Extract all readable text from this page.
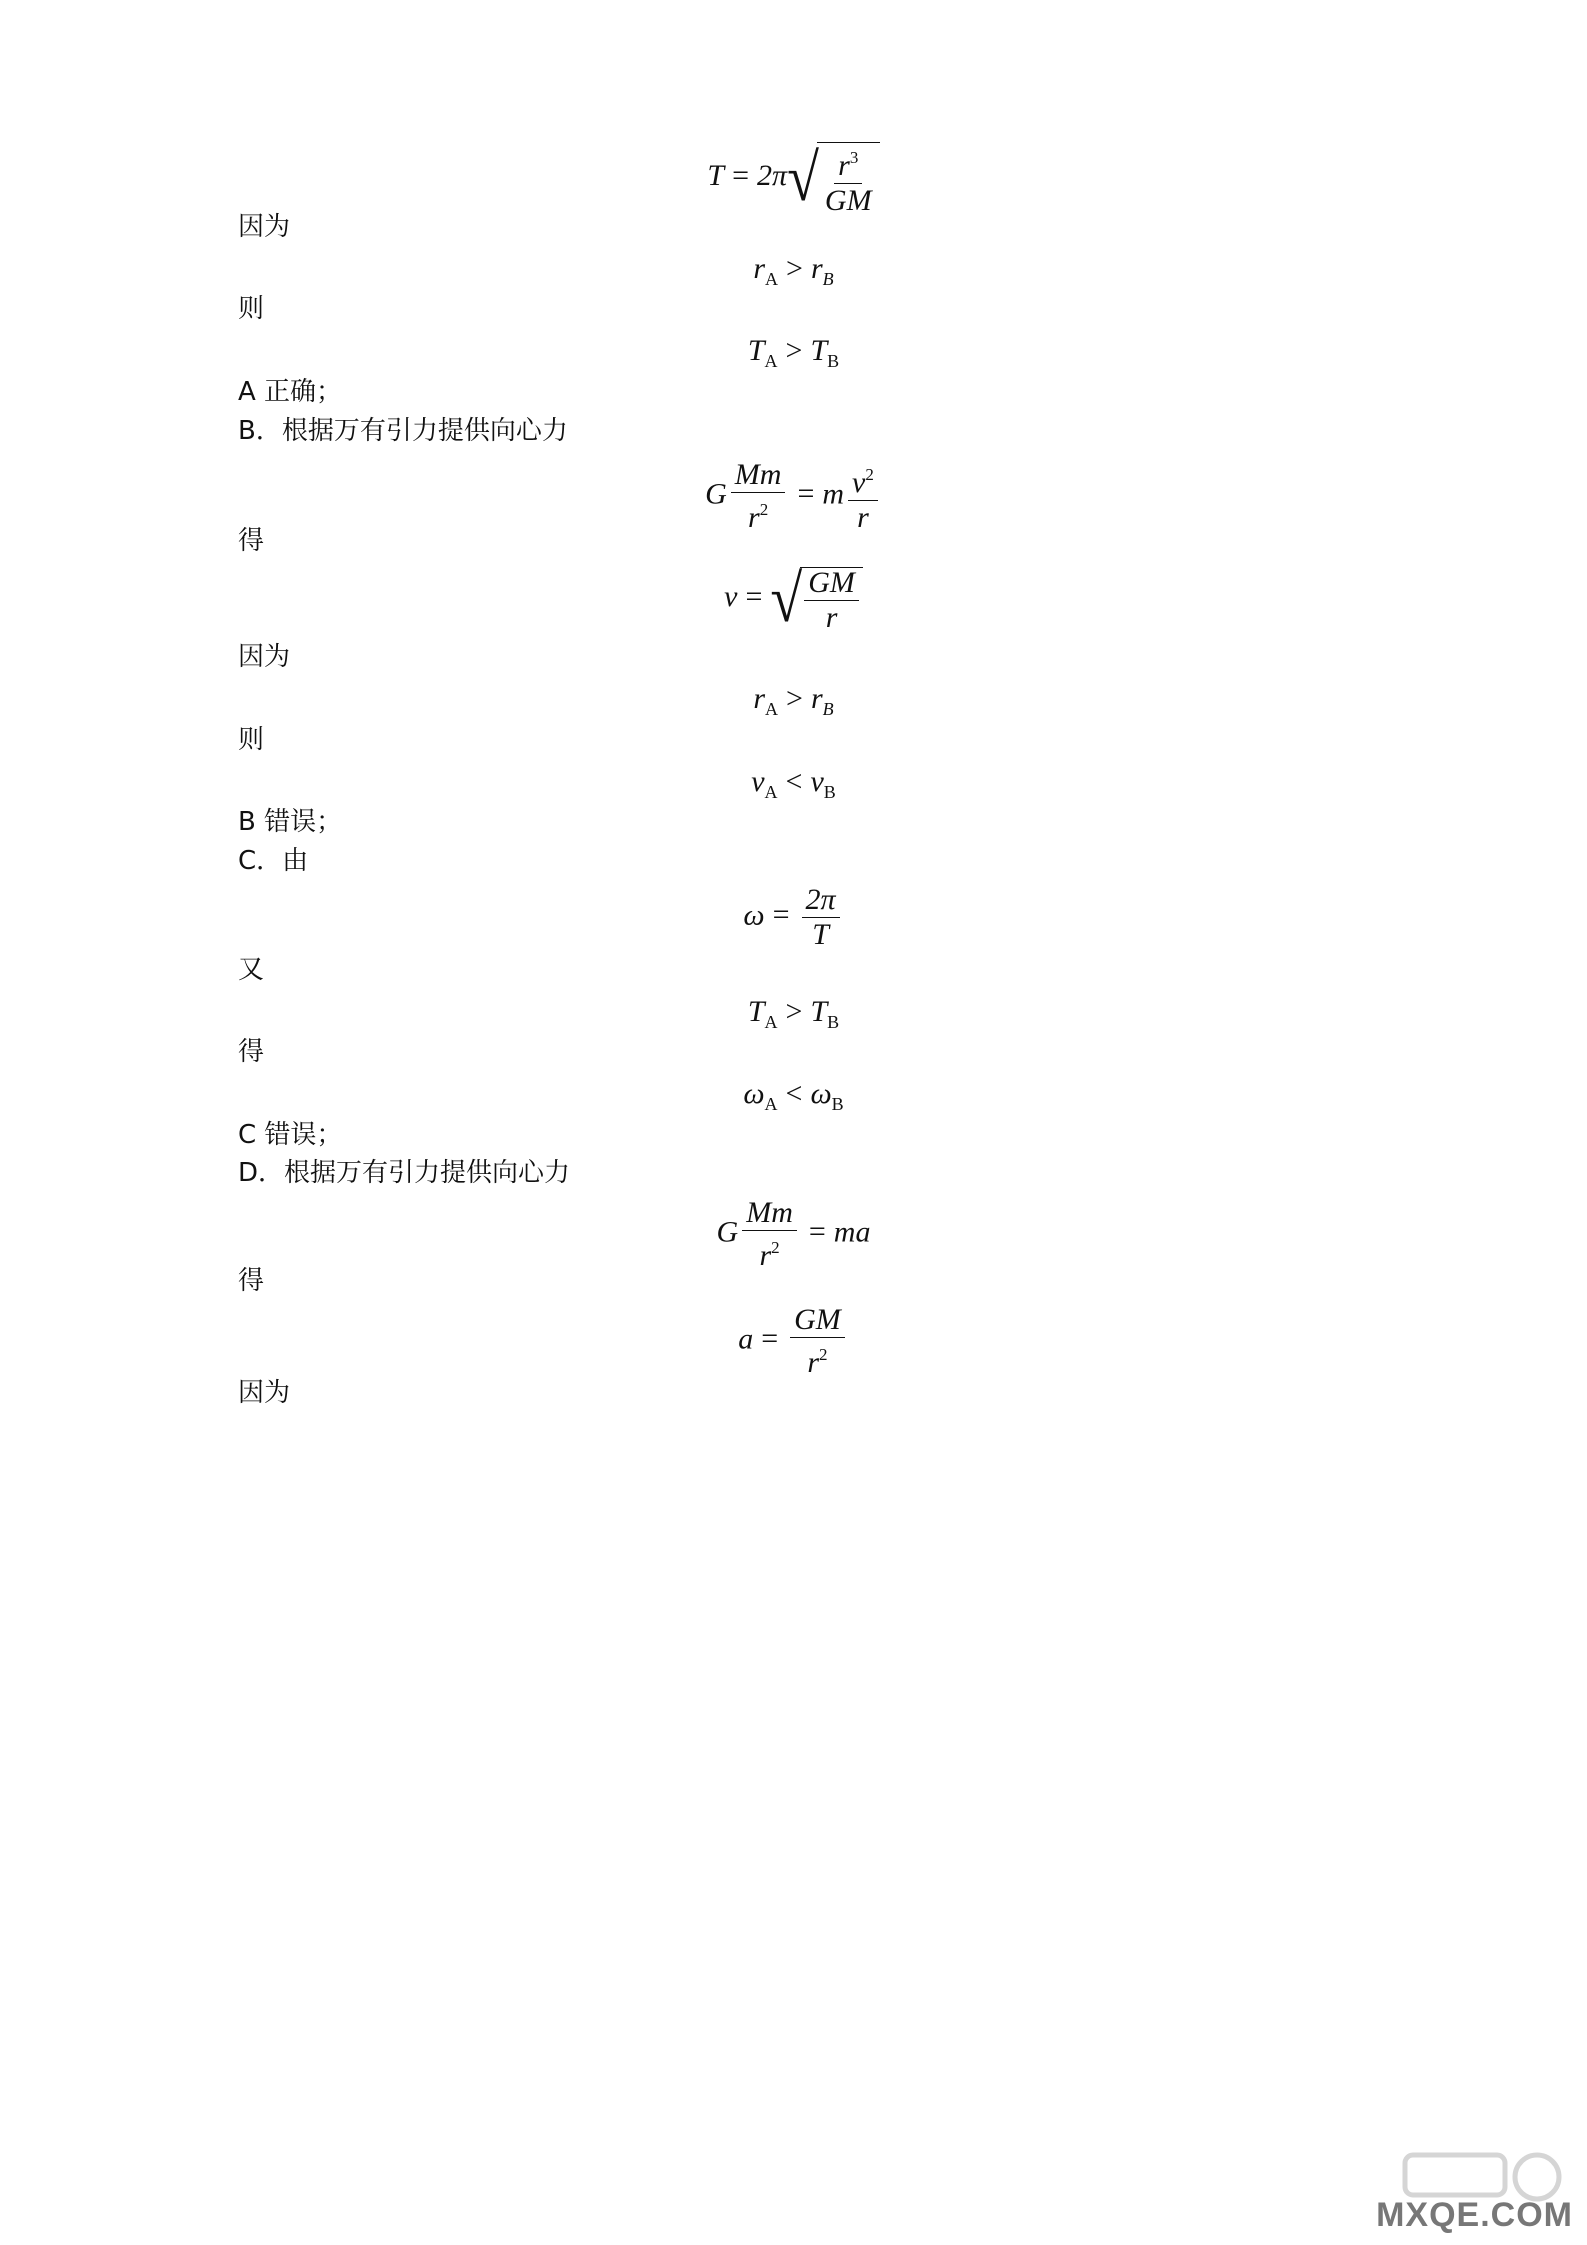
T = 2π √ $\frac{r^3}{GM}$
因为
$r_A > r_B$
则
$T_A > T_B$
A 正确；
B．根据万有引力提供向心力
G $\frac{Mm}{r^2} = m \frac{v^2}{r}$
得
v = √ $\frac{GM}{r}$
因为
$r_A > r_B$
则
$v_A < v_B$
B 错误；
C．由
$\omega = \frac{2\pi}{T}$
又
$T_A > T_B$
得
$\omega_A < \omega_B$
C 错误；
D．根据万有引力提供向心力
G $\frac{Mm}{r^2}$ = ma
得
$a = \frac{GM}{r^2}$
因为
MXQE.COM
